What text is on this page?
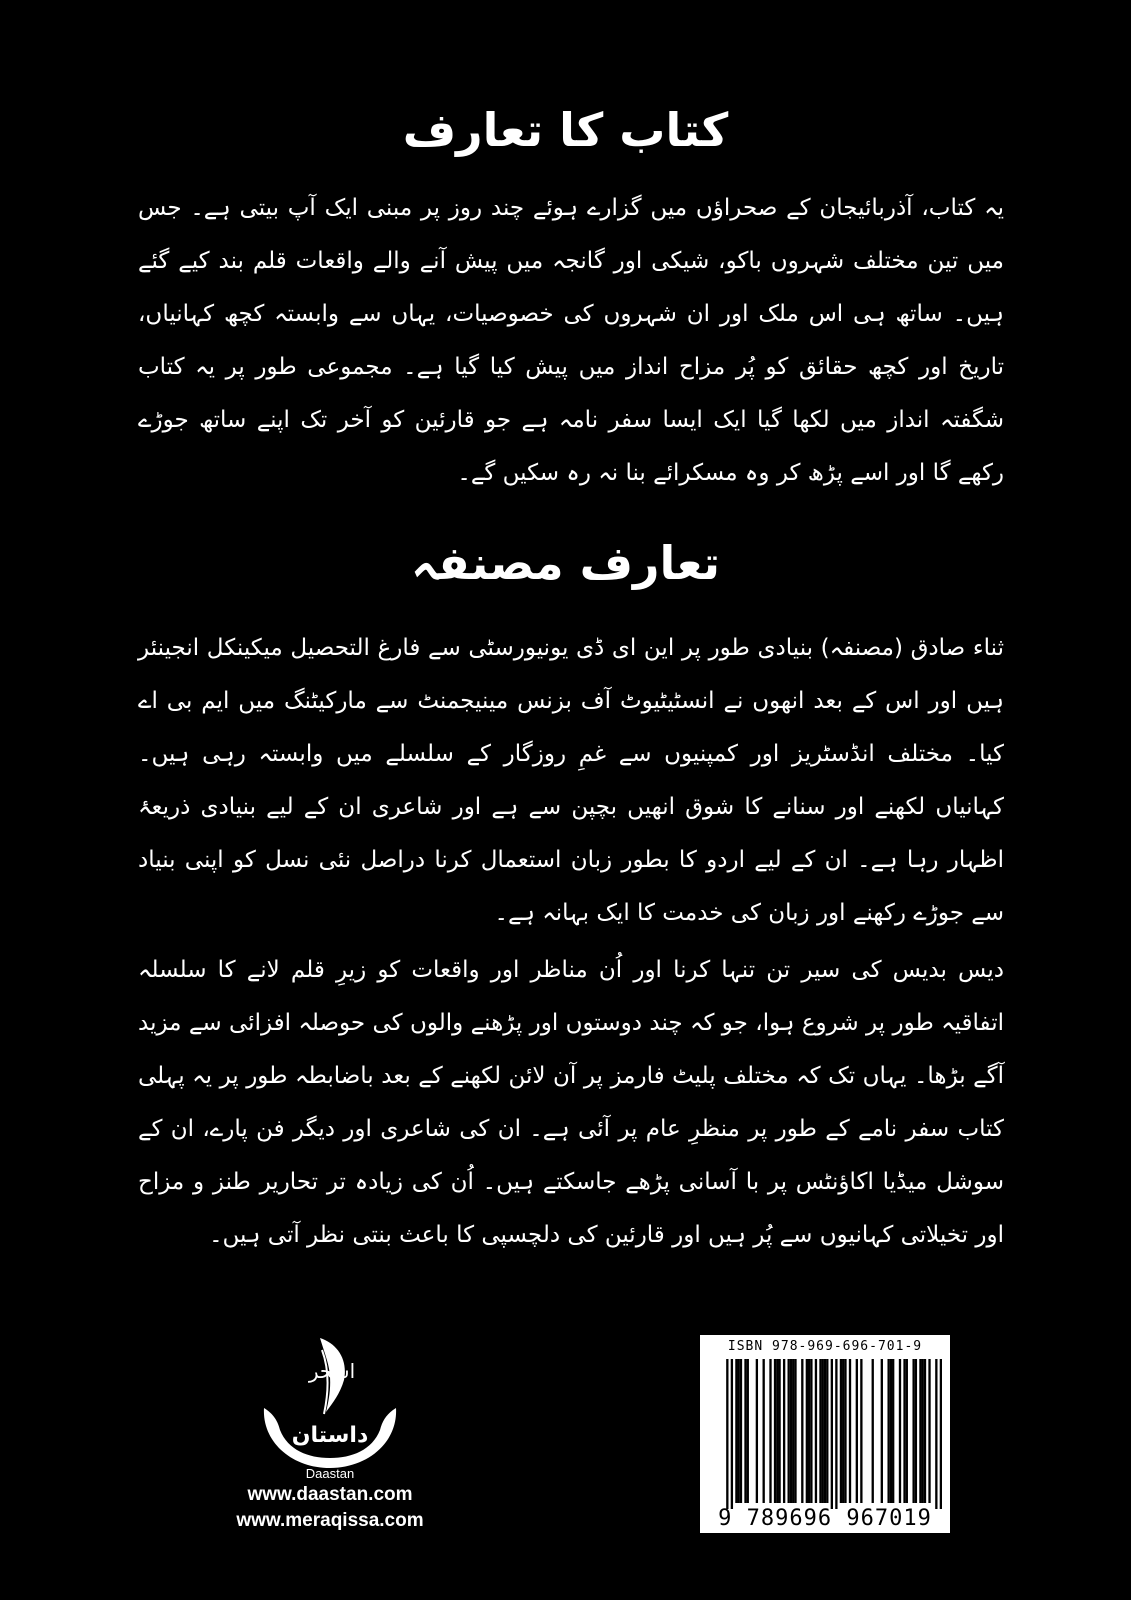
کتاب کا تعارف

یہ کتاب، آذربائیجان کے صحراؤں میں گزارے ہوئے چند روز پر مبنی ایک آپ بیتی ہے۔ جس میں تین مختلف شہروں باکو، شیکی اور گانجہ میں پیش آنے والے واقعات قلم بند کیے گئے ہیں۔ ساتھ ہی اس ملک اور ان شہروں کی خصوصیات، یہاں سے وابستہ کچھ کہانیاں، تاریخ اور کچھ حقائق کو پُر مزاح انداز میں پیش کیا گیا ہے۔ مجموعی طور پر یہ کتاب شگفتہ انداز میں لکھا گیا ایک ایسا سفر نامہ ہے جو قارئین کو آخر تک اپنے ساتھ جوڑے رکھے گا اور اسے پڑھ کر وہ مسکرائے بنا نہ رہ سکیں گے۔

تعارف مصنفہ

ثناء صادق (مصنفہ) بنیادی طور پر این ای ڈی یونیورسٹی سے فارغ التحصیل میکینکل انجینئر ہیں اور اس کے بعد انھوں نے انسٹیٹیوٹ آف بزنس مینیجمنٹ سے مارکیٹنگ میں ایم بی اے کیا۔ مختلف انڈسٹریز اور کمپنیوں سے غمِ روزگار کے سلسلے میں وابستہ رہی ہیں۔ کہانیاں لکھنے اور سنانے کا شوق انھیں بچپن سے ہے اور شاعری ان کے لیے بنیادی ذریعۂ اظہار رہا ہے۔ ان کے لیے اردو کا بطور زبان استعمال کرنا دراصل نئی نسل کو اپنی بنیاد سے جوڑے رکھنے اور زبان کی خدمت کا ایک بہانہ ہے۔

دیس بدیس کی سیر تن تنہا کرنا اور اُن مناظر اور واقعات کو زیرِ قلم لانے کا سلسلہ اتفاقیہ طور پر شروع ہوا، جو کہ چند دوستوں اور پڑھنے والوں کی حوصلہ افزائی سے مزید آگے بڑھا۔ یہاں تک کہ مختلف پلیٹ فارمز پر آن لائن لکھنے کے بعد باضابطہ طور پر یہ پہلی کتاب سفر نامے کے طور پر منظرِ عام پر آئی ہے۔ ان کی شاعری اور دیگر فن پارے، ان کے سوشل میڈیا اکاؤنٹس پر با آسانی پڑھے جاسکتے ہیں۔ اُن کی زیادہ تر تحاریر طنز و مزاح اور تخیلاتی کہانیوں سے پُر ہیں اور قارئین کی دلچسپی کا باعث بنتی نظر آتی ہیں۔

اسحر
داستان
Daastan
www.daastan.com
www.meraqissa.com
ISBN 978-969-696-701-9
9 789696 967019
